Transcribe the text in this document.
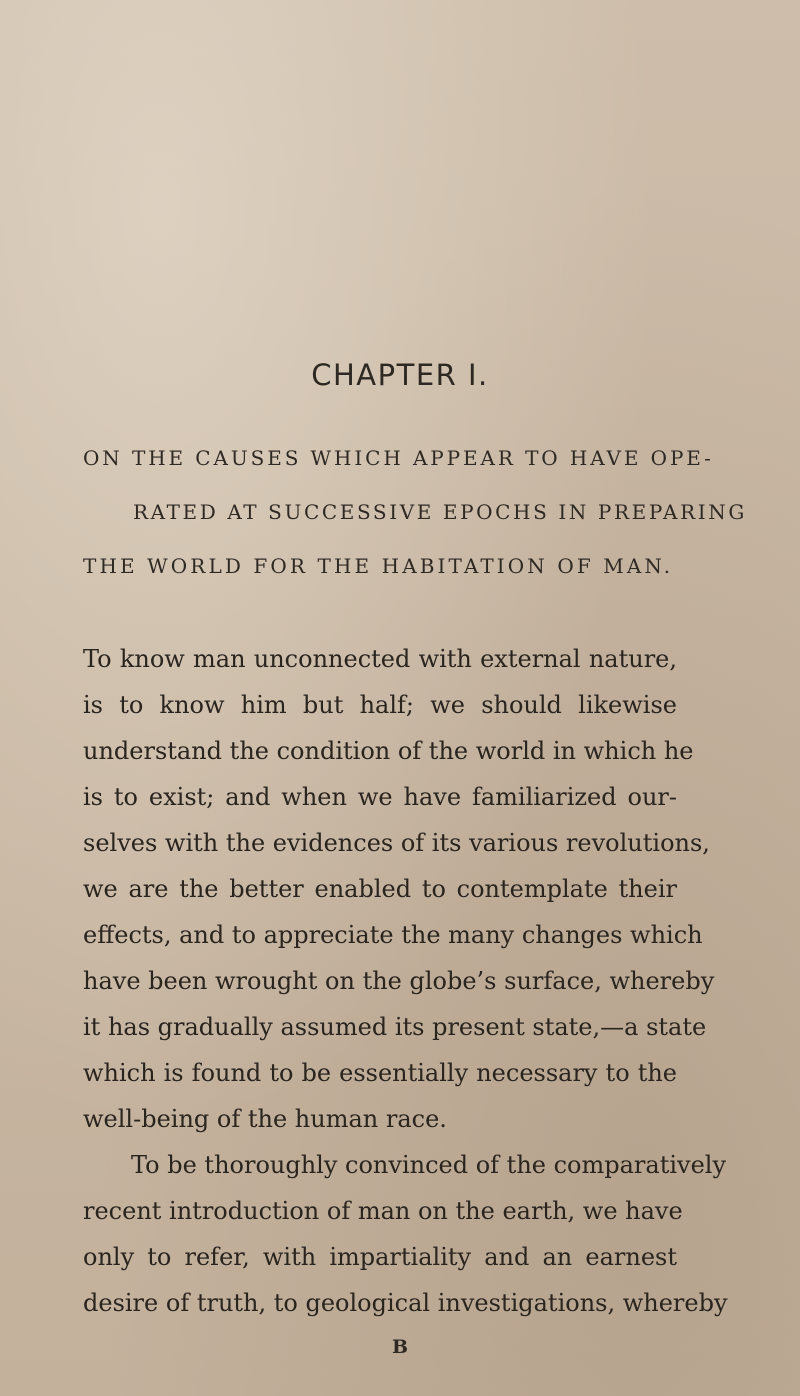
CHAPTER I.
ON THE CAUSES WHICH APPEAR TO HAVE OPE-
RATED AT SUCCESSIVE EPOCHS IN PREPARING
THE WORLD FOR THE HABITATION OF MAN.
To know man unconnected with external nature,
is to know him but half; we should likewise
understand the condition of the world in which he
is to exist; and when we have familiarized our-
selves with the evidences of its various revolutions,
we are the better enabled to contemplate their
effects, and to appreciate the many changes which
have been wrought on the globe’s surface, whereby
it has gradually assumed its present state,—a state
which is found to be essentially necessary to the
well-being of the human race.
To be thoroughly convinced of the comparatively
recent introduction of man on the earth, we have
only to refer, with impartiality and an earnest
desire of truth, to geological investigations, whereby
B
